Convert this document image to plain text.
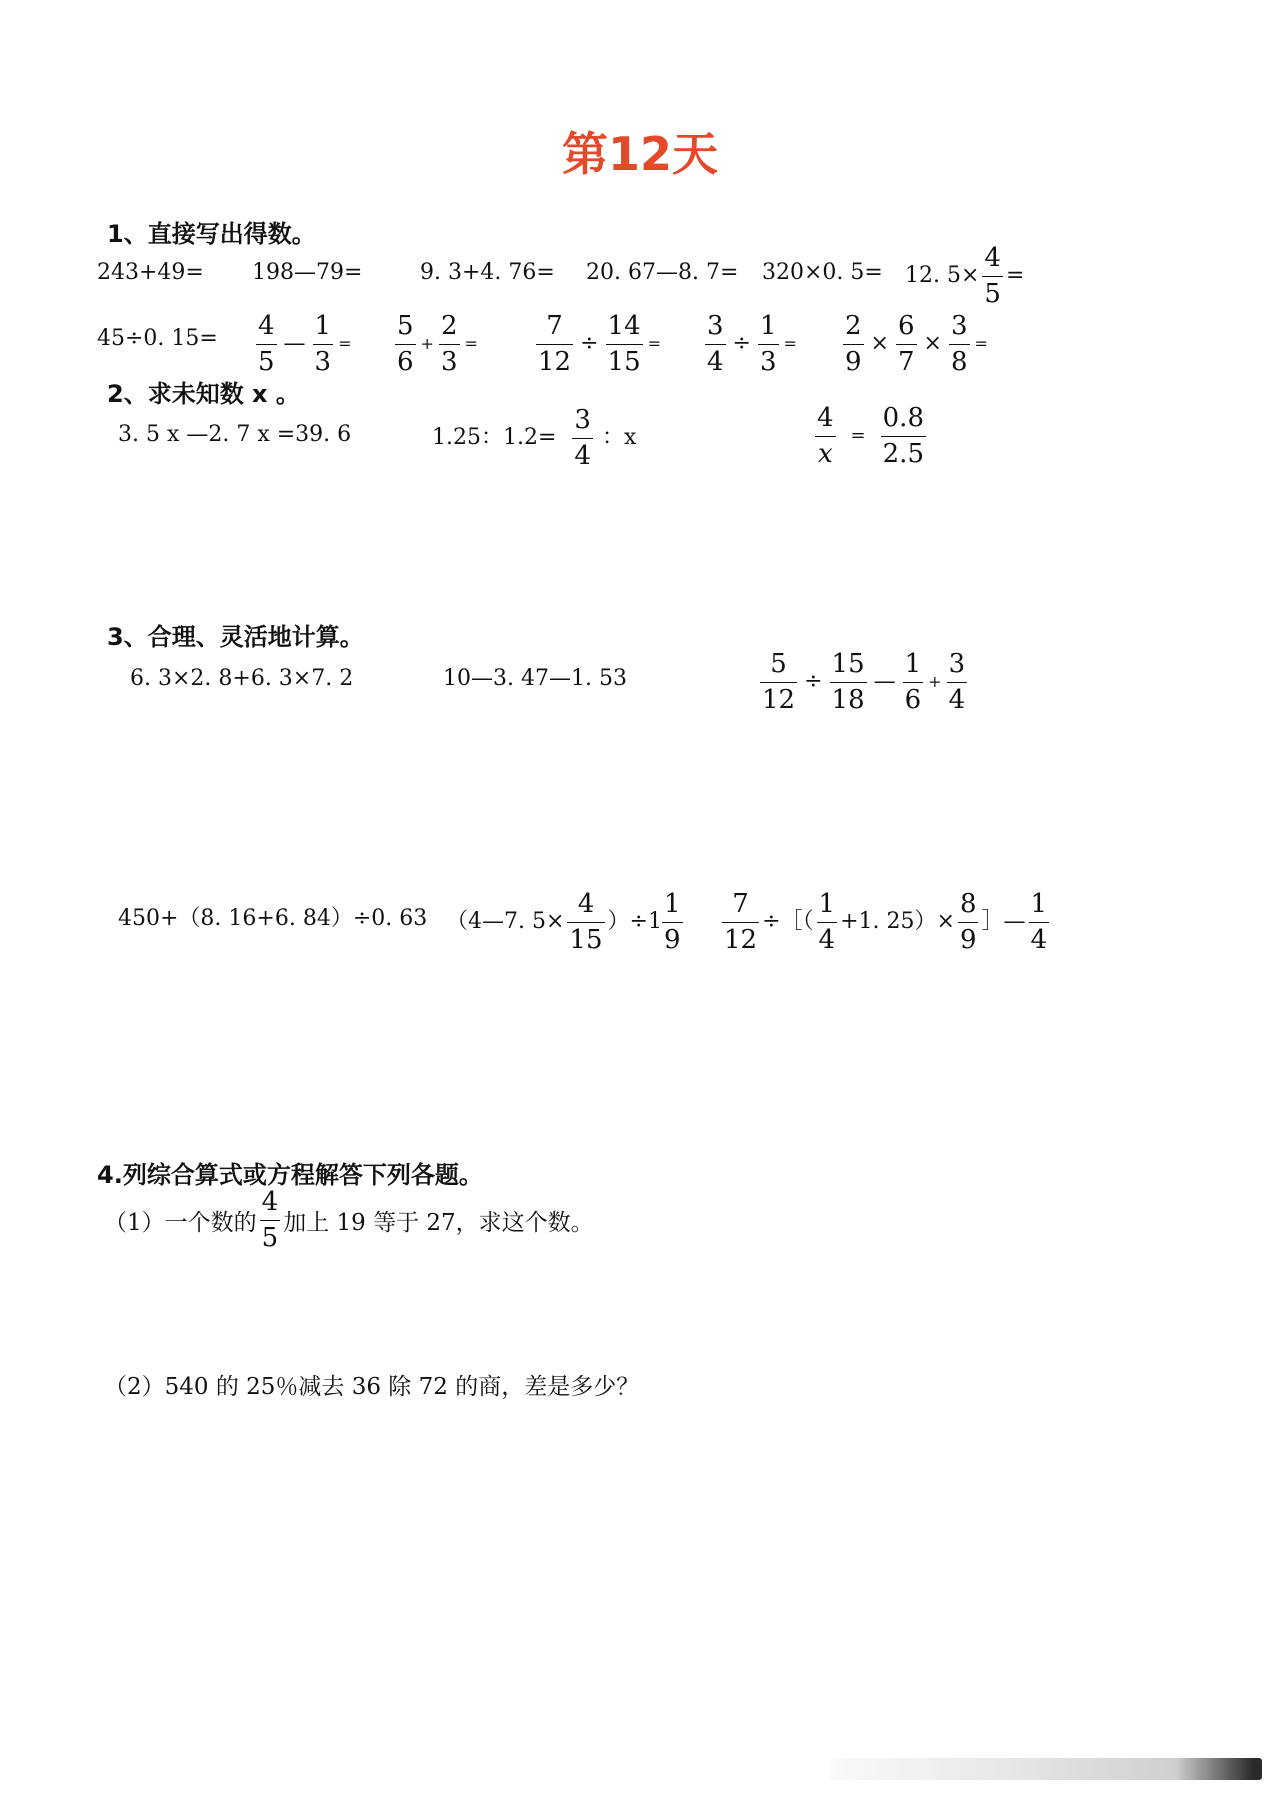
第12天
1、直接写出得数。
243+49= 198—79=	9. 3+4. 76= 20. 67—8. 7= 320×0. 5= 12. $5\times \frac{4}{5}$ =
45÷0. $15= \frac{4}{5}$ — $\frac{1}{3} = \frac{5}{6} + \frac{2}{3} = \frac{7}{12} \div \frac{14}{15} = \frac{3}{4} \div \frac{1}{3} = \frac{2}{9} \times \frac{6}{7} \times \frac{3}{8}$ =
2、求未知数 x 。
3. 5 x —2. 7 x =39. 6	1.25：$1.2= \frac{3}{4}$ ：x	$\frac{4}{x} = \frac{0.8}{2.5}$
3、合理、灵活地计算。
6. 3×2. 8+6. 3×7. 2	10—3. 47—1. 53	$\frac{5}{12} \div \frac{15}{18}$ — $\frac{1}{6} + \frac{3}{4}$
450+（8. 16+6. 84）÷0. 63 （4—7. $5\times \frac{4}{15} )\div 1 \frac{1}{9} \frac{7}{12}$ ÷［（ $\frac{1}{4} +1$. $25)\times \frac{8}{9}$ ］— $\frac{1}{4}$
4.列综合算式或方程解答下列各题。
（1）一个数的 $\frac{4}{5}$ 加上 19 等于 27，求这个数。
（2）540 的 25％减去 36 除 72 的商，差是多少？
